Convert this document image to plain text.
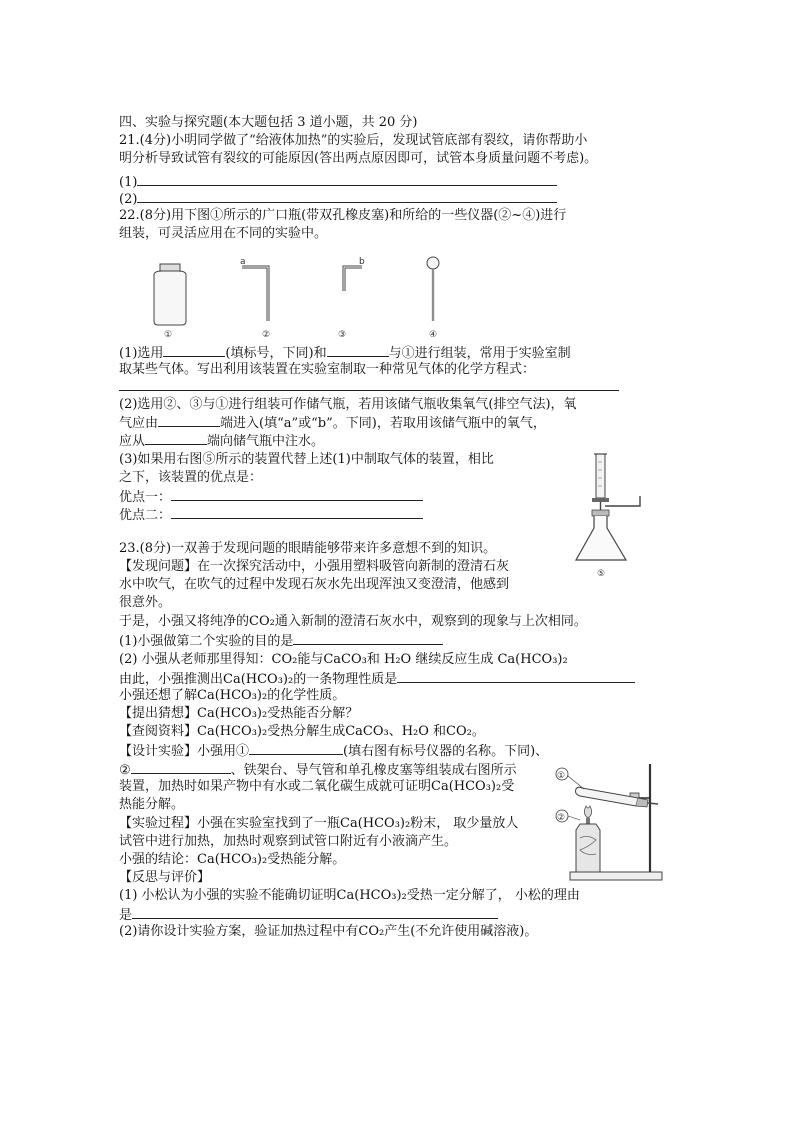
四、实验与探究题(本大题包括 3 道小题，共 20 分)
21.(4分)小明同学做了“给液体加热”的实验后，发现试管底部有裂纹，请你帮助小
明分析导致试管有裂纹的可能原因(答出两点原因即可，试管本身质量问题不考虑)。
(1)
(2)
22.(8分)用下图①所示的广口瓶(带双孔橡皮塞)和所给的一些仪器(②~④)进行
组装，可灵活应用在不同的实验中。
a	b
①	②	③	④
(1)选用	(填标号，下同)和	与①进行组装，常用于实验室制
取某些气体。写出利用该装置在实验室制取一种常见气体的化学方程式：
(2)选用②、③与①进行组装可作储气瓶，若用该储气瓶收集氧气(排空气法)，氧
气应由	端进入(填“a”或“b”。下同)，若取用该储气瓶中的氧气，
应从	端向储气瓶中注水。
(3)如果用右图⑤所示的装置代替上述(1)中制取气体的装置，相比
之下，该装置的优点是：
优点一：
优点二：
⑤
23.(8分)一双善于发现问题的眼睛能够带来许多意想不到的知识。
【发现问题】在一次探究活动中，小强用塑料吸管向新制的澄清石灰
水中吹气，在吹气的过程中发现石灰水先出现浑浊又变澄清，他感到
很意外。
于是，小强又将纯净的CO₂通入新制的澄清石灰水中，观察到的现象与上次相同。
(1)小强做第二个实验的目的是
(2) 小强从老师那里得知：CO₂能与CaCO₃和 H₂O 继续反应生成 Ca(HCO₃)₂
由此，小强推测出Ca(HCO₃)₂的一条物理性质是
小强还想了解Ca(HCO₃)₂的化学性质。
【提出猜想】Ca(HCO₃)₂受热能否分解？
【查阅资料】Ca(HCO₃)₂受热分解生成CaCO₃、H₂O 和CO₂。
【设计实验】小强用①	(填右图有标号仪器的名称。下同)、
②	、铁架台、导气管和单孔橡皮塞等组装成右图所示
装置，加热时如果产物中有水或二氧化碳生成就可证明Ca(HCO₃)₂受
热能分解。
【实验过程】小强在实验室找到了一瓶Ca(HCO₃)₂粉末， 取少量放人
试管中进行加热，加热时观察到试管口附近有小液滴产生。
小强的结论：Ca(HCO₃)₂受热能分解。
【反思与评价】
(1) 小松认为小强的实验不能确切证明Ca(HCO₃)₂受热一定分解了， 小松的理由
是
(2)请你设计实验方案，验证加热过程中有CO₂产生(不允许使用碱溶液)。
①
②
